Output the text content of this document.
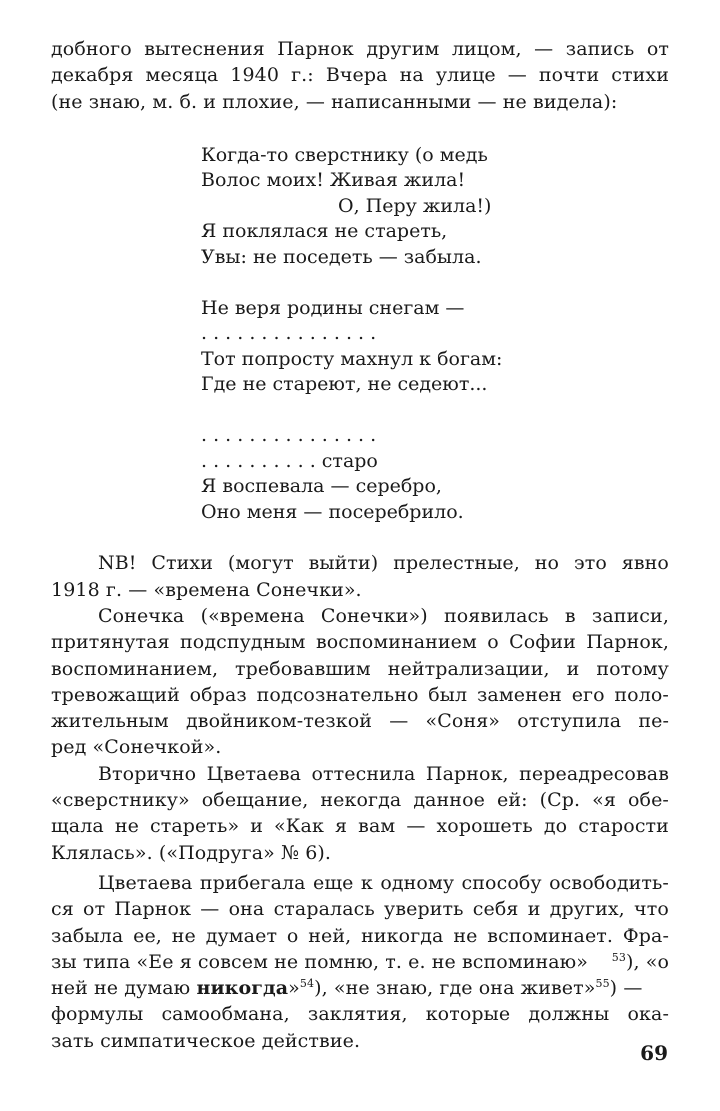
добного вытеснения Парнок другим лицом, — запись от
декабря месяца 1940 г.: Вчера на улице — почти стихи
(не знаю, м. б. и плохие, — написанными — не видела):
Когда-то сверстнику (о медь
Волос моих! Живая жила!
О, Перу жила!)
Я поклялася не стареть,
Увы: не поседеть — забыла.
Не веря родины снегам —
. . . . . . . . . . . . . . .
Тот попросту махнул к богам:
Где не стареют, не седеют...
. . . . . . . . . . . . . . .
. . . . . . . . . . старо
Я воспевала — серебро,
Оно меня — посеребрило.
NB! Стихи (могут выйти) прелестные, но это явно
1918 г. — «времена Сонечки».
Сонечка («времена Сонечки») появилась в записи,
притянутая подспудным воспоминанием о Софии Парнок,
воспоминанием, требовавшим нейтрализации, и потому
тревожащий образ подсознательно был заменен его поло-
жительным двойником-тезкой — «Соня» отступила пе-
ред «Сонечкой».
Вторично Цветаева оттеснила Парнок, переадресовав
«сверстнику» обещание, некогда данное ей: (Ср. «я обе-
щала не стареть» и «Как я вам — хорошеть до старости
Клялась». («Подруга» № 6).
Цветаева прибегала еще к одному способу освободить-
ся от Парнок — она старалась уверить себя и других, что
забыла ее, не думает о ней, никогда не вспоминает. Фра-
зы типа «Ее я совсем не помню, т. е. не вспоминаю» $^{53}$), «о
ней не думаю никогда»$^{54}$), «не знаю, где она живет»$^{55}$) —
формулы самообмана, заклятия, которые должны ока-
зать симпатическое действие.
69
